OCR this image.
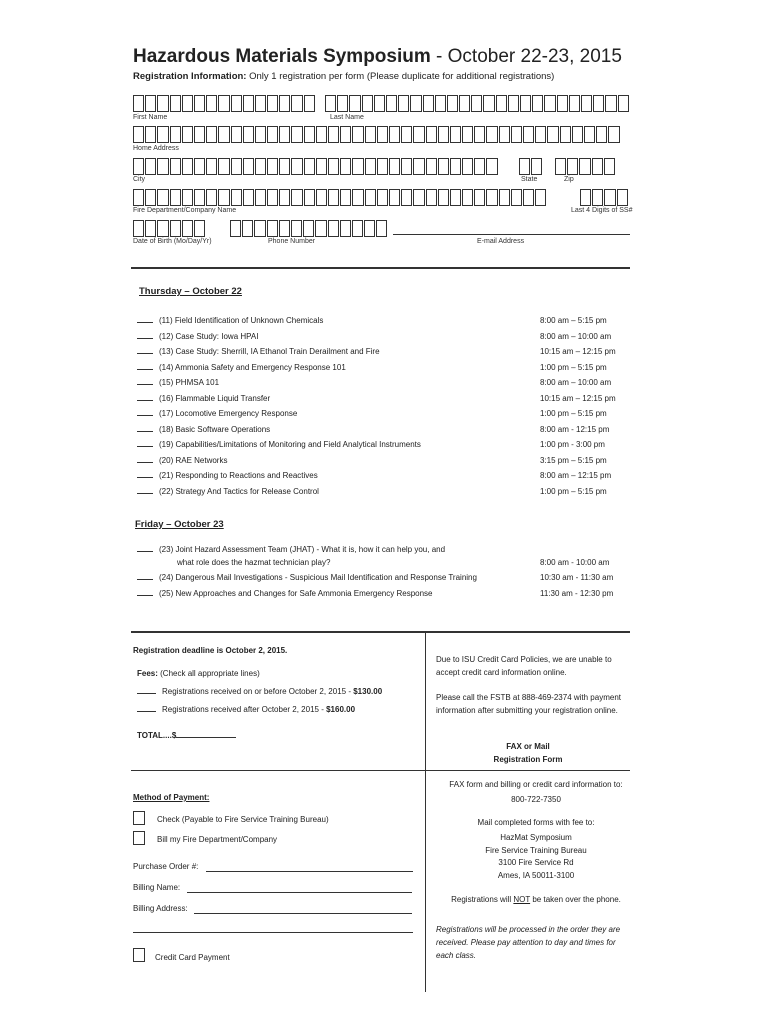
Hazardous Materials Symposium - October 22-23, 2015
Registration Information: Only 1 registration per form (Please duplicate for additional registrations)
First Name	Last Name
Home Address
City	State	Zip
Fire Department/Company Name	Last 4 Digits of SS#
Date of Birth (Mo/Day/Yr)	Phone Number	E-mail Address
Thursday – October 22
(11) Field Identification of Unknown Chemicals	8:00 am – 5:15 pm
(12) Case Study: Iowa HPAI	8:00 am – 10:00 am
(13) Case Study: Sherrill, IA Ethanol Train Derailment and Fire	10:15 am – 12:15 pm
(14) Ammonia Safety and Emergency Response 101	1:00 pm – 5:15 pm
(15) PHMSA 101	8:00 am – 10:00 am
(16) Flammable Liquid Transfer	10:15 am – 12:15 pm
(17) Locomotive Emergency Response	1:00 pm – 5:15 pm
(18) Basic Software Operations	8:00 am - 12:15 pm
(19) Capabilities/Limitations of Monitoring and Field Analytical Instruments	1:00 pm - 3:00 pm
(20) RAE Networks	3:15 pm – 5:15 pm
(21) Responding to Reactions and Reactives	8:00 am – 12:15 pm
(22) Strategy And Tactics for Release Control	1:00 pm – 5:15 pm
Friday – October 23
(23) Joint Hazard Assessment Team (JHAT) - What it is, how it can help you, and
what role does the hazmat technician play?	8:00 am - 10:00 am
(24) Dangerous Mail Investigations - Suspicious Mail Identification and Response Training	10:30 am - 11:30 am
(25) New Approaches and Changes for Safe Ammonia Emergency Response	11:30 am - 12:30 pm
Registration deadline is October 2, 2015.
Fees: (Check all appropriate lines)
Registrations received on or before October 2, 2015 - $130.00
Registrations received after October 2, 2015 - $160.00
TOTAL....$
Method of Payment:
Check (Payable to Fire Service Training Bureau)
Bill my Fire Department/Company
Purchase Order #:
Billing Name:
Billing Address:
Credit Card Payment
Due to ISU Credit Card Policies, we are unable to
accept credit card information online.
Please call the FSTB at 888-469-2374 with payment
information after submitting your registration online.
FAX or Mail
Registration Form
FAX form and billing or credit card information to:
800-722-7350
Mail completed forms with fee to:
HazMat Symposium
Fire Service Training Bureau
3100 Fire Service Rd
Ames, IA 50011-3100
Registrations will NOT be taken over the phone.
Registrations will be processed in the order they are
received. Please pay attention to day and times for
each class.
